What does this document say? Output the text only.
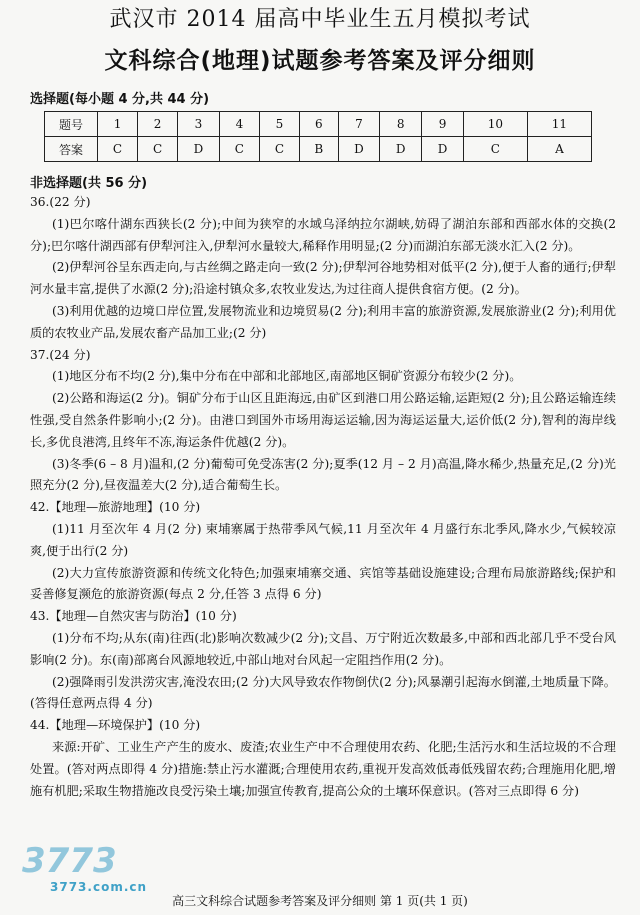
武汉市 2014 届高中毕业生五月模拟考试
文科综合(地理)试题参考答案及评分细则
选择题(每小题 4 分,共 44 分)
题号	1	2	3	4	5	6	7	8	9	10	11
答案	C	C	D	C	C	B	D	D	D	C	A
非选择题(共 56 分)

36.(22 分)

(1)巴尔喀什湖东西狭长(2 分);中间为狭窄的水域乌泽纳拉尔湖峡,妨碍了湖泊东部和西部水体的交换(2 分);巴尔喀什湖西部有伊犁河注入,伊犁河水量较大,稀释作用明显;(2 分)而湖泊东部无淡水汇入(2 分)。

(2)伊犁河谷呈东西走向,与古丝绸之路走向一致(2 分);伊犁河谷地势相对低平(2 分),便于人畜的通行;伊犁河水量丰富,提供了水源(2 分);沿途村镇众多,农牧业发达,为过往商人提供食宿方便。(2 分)。

(3)利用优越的边境口岸位置,发展物流业和边境贸易(2 分);利用丰富的旅游资源,发展旅游业(2 分);利用优质的农牧业产品,发展农畜产品加工业;(2 分)

37.(24 分)

(1)地区分布不均(2 分),集中分布在中部和北部地区,南部地区铜矿资源分布较少(2 分)。

(2)公路和海运(2 分)。铜矿分布于山区且距海远,由矿区到港口用公路运输,运距短(2 分);且公路运输连续性强,受自然条件影响小;(2 分)。由港口到国外市场用海运运输,因为海运运量大,运价低(2 分),智利的海岸线长,多优良港湾,且终年不冻,海运条件优越(2 分)。

(3)冬季(6 – 8 月)温和,(2 分)葡萄可免受冻害(2 分);夏季(12 月 – 2 月)高温,降水稀少,热量充足,(2 分)光照充分(2 分),昼夜温差大(2 分),适合葡萄生长。

42.【地理—旅游地理】(10 分)

(1)11 月至次年 4 月(2 分) 柬埔寨属于热带季风气候,11 月至次年 4 月盛行东北季风,降水少,气候较凉爽,便于出行(2 分)

(2)大力宣传旅游资源和传统文化特色;加强柬埔寨交通、宾馆等基础设施建设;合理布局旅游路线;保护和妥善修复濒危的旅游资源(每点 2 分,任答 3 点得 6 分)

43.【地理—自然灾害与防治】(10 分)

(1)分布不均;从东(南)往西(北)影响次数减少(2 分);文昌、万宁附近次数最多,中部和西北部几乎不受台风影响(2 分)。东(南)部离台风源地较近,中部山地对台风起一定阻挡作用(2 分)。

(2)强降雨引发洪涝灾害,淹没农田;(2 分)大风导致农作物倒伏(2 分);风暴潮引起海水倒灌,土地质量下降。(答得任意两点得 4 分)

44.【地理—环境保护】(10 分)

来源:开矿、工业生产产生的废水、废渣;农业生产中不合理使用农药、化肥;生活污水和生活垃圾的不合理处置。(答对两点即得 4 分)措施:禁止污水灌溉;合理使用农药,重视开发高效低毒低残留农药;合理施用化肥,增施有机肥;采取生物措施改良受污染土壤;加强宣传教育,提高公众的土壤环保意识。(答对三点即得 6 分)

3773
3773.com.cn
高三文科综合试题参考答案及评分细则 第 1 页(共 1 页)
